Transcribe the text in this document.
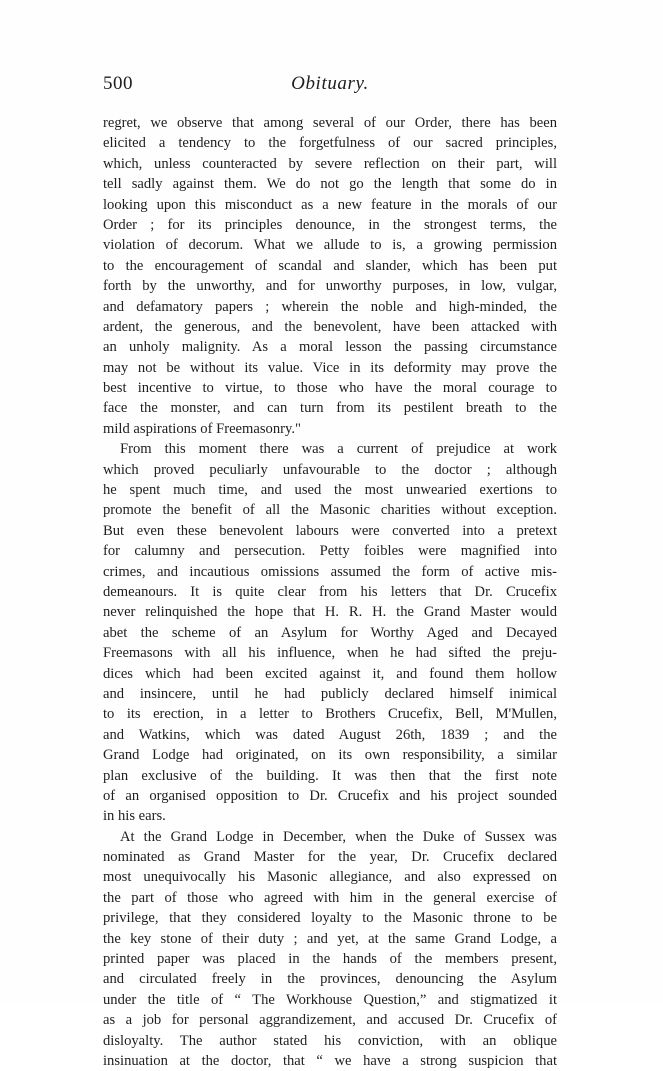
500	Obituary.
regret, we observe that among several of our Order, there has been
elicited a tendency to the forgetfulness of our sacred principles,
which, unless counteracted by severe reflection on their part, will
tell sadly against them. We do not go the length that some do in
looking upon this misconduct as a new feature in the morals of our
Order ; for its principles denounce, in the strongest terms, the
violation of decorum. What we allude to is, a growing permission
to the encouragement of scandal and slander, which has been put
forth by the unworthy, and for unworthy purposes, in low, vulgar,
and defamatory papers ; wherein the noble and high-minded, the
ardent, the generous, and the benevolent, have been attacked with
an unholy malignity. As a moral lesson the passing circumstance
may not be without its value. Vice in its deformity may prove the
best incentive to virtue, to those who have the moral courage to
face the monster, and can turn from its pestilent breath to the
mild aspirations of Freemasonry."
From this moment there was a current of prejudice at work
which proved peculiarly unfavourable to the doctor ; although
he spent much time, and used the most unwearied exertions to
promote the benefit of all the Masonic charities without exception.
But even these benevolent labours were converted into a pretext
for calumny and persecution. Petty foibles were magnified into
crimes, and incautious omissions assumed the form of active mis-
demeanours. It is quite clear from his letters that Dr. Crucefix
never relinquished the hope that H. R. H. the Grand Master would
abet the scheme of an Asylum for Worthy Aged and Decayed
Freemasons with all his influence, when he had sifted the preju-
dices which had been excited against it, and found them hollow
and insincere, until he had publicly declared himself inimical
to its erection, in a letter to Brothers Crucefix, Bell, M'Mullen,
and Watkins, which was dated August 26th, 1839 ; and the
Grand Lodge had originated, on its own responsibility, a similar
plan exclusive of the building. It was then that the first note
of an organised opposition to Dr. Crucefix and his project sounded
in his ears.
At the Grand Lodge in December, when the Duke of Sussex was
nominated as Grand Master for the year, Dr. Crucefix declared
most unequivocally his Masonic allegiance, and also expressed on
the part of those who agreed with him in the general exercise of
privilege, that they considered loyalty to the Masonic throne to be
the key stone of their duty ; and yet, at the same Grand Lodge, a
printed paper was placed in the hands of the members present,
and circulated freely in the provinces, denouncing the Asylum
under the title of “ The Workhouse Question,” and stigmatized it
as a job for personal aggrandizement, and accused Dr. Crucefix of
disloyalty. The author stated his conviction, with an oblique
insinuation at the doctor, that “ we have a strong suspicion that
